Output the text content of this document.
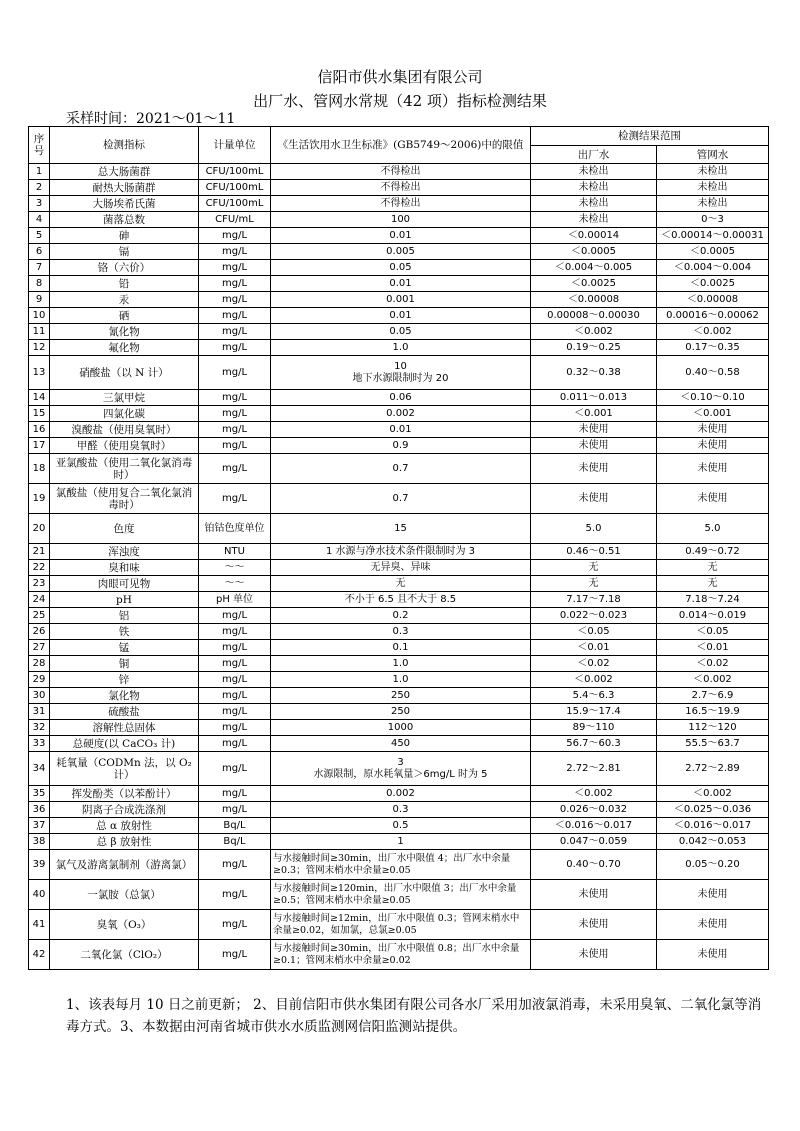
信阳市供水集团有限公司
出厂水、管网水常规（42 项）指标检测结果
采样时间：2021～01～11
序号	检测指标	计量单位	《生活饮用水卫生标准》(GB5749～2006)中的限值	检测结果范围	
				出厂水	管网水
1	总大肠菌群	CFU/100mL	不得检出	未检出	未检出
2	耐热大肠菌群	CFU/100mL	不得检出	未检出	未检出
3	大肠埃希氏菌	CFU/100mL	不得检出	未检出	未检出
4	菌落总数	CFU/mL	100	未检出	0～3
5	砷	mg/L	0.01	＜0.00014	＜0.00014～0.00031
6	镉	mg/L	0.005	＜0.0005	＜0.0005
7	铬（六价）	mg/L	0.05	＜0.004～0.005	＜0.004～0.004
8	铅	mg/L	0.01	＜0.0025	＜0.0025
9	汞	mg/L	0.001	＜0.00008	＜0.00008
10	硒	mg/L	0.01	0.00008～0.00030	0.00016～0.00062
11	氰化物	mg/L	0.05	＜0.002	＜0.002
12	氟化物	mg/L	1.0	0.19～0.25	0.17～0.35
13	硝酸盐（以 N 计）	mg/L	10
地下水源限制时为 20	0.32～0.38	0.40～0.58
14	三氯甲烷	mg/L	0.06	0.011～0.013	＜0.10～0.10
15	四氯化碳	mg/L	0.002	＜0.001	＜0.001
16	溴酸盐（使用臭氧时）	mg/L	0.01	未使用	未使用
17	甲醛（使用臭氧时）	mg/L	0.9	未使用	未使用
18	亚氯酸盐（使用二氧化氯消毒时）	mg/L	0.7	未使用	未使用
19	氯酸盐（使用复合二氧化氯消毒时）	mg/L	0.7	未使用	未使用
20	色度	铂钴色度单位	15	5.0	5.0
21	浑浊度	NTU	1 水源与净水技术条件限制时为 3	0.46～0.51	0.49～0.72
22	臭和味	～～	无异臭、异味	无	无
23	肉眼可见物	～～	无	无	无
24	pH	pH 单位	不小于 6.5 且不大于 8.5	7.17～7.18	7.18～7.24
25	铝	mg/L	0.2	0.022～0.023	0.014～0.019
26	铁	mg/L	0.3	＜0.05	＜0.05
27	锰	mg/L	0.1	＜0.01	＜0.01
28	铜	mg/L	1.0	＜0.02	＜0.02
29	锌	mg/L	1.0	＜0.002	＜0.002
30	氯化物	mg/L	250	5.4～6.3	2.7～6.9
31	硫酸盐	mg/L	250	15.9～17.4	16.5～19.9
32	溶解性总固体	mg/L	1000	89～110	112～120
33	总硬度(以 CaCO₃ 计)	mg/L	450	56.7～60.3	55.5～63.7
34	耗氧量（CODMn 法，以 O₂ 计）	mg/L	3
水源限制，原水耗氧量＞6mg/L 时为 5	2.72～2.81	2.72～2.89
35	挥发酚类（以苯酚计）	mg/L	0.002	＜0.002	＜0.002
36	阴离子合成洗涤剂	mg/L	0.3	0.026～0.032	＜0.025～0.036
37	总 α 放射性	Bq/L	0.5	＜0.016～0.017	＜0.016～0.017
38	总 β 放射性	Bq/L	1	0.047～0.059	0.042～0.053
39	氯气及游离氯制剂（游离氯）	mg/L	与水接触时间≥30min，出厂水中限值 4；出厂水中余量≥0.3；管网末梢水中余量≥0.05	0.40～0.70	0.05～0.20
40	一氯胺（总氯）	mg/L	与水接触时间≥120min，出厂水中限值 3；出厂水中余量≥0.5；管网末梢水中余量≥0.05	未使用	未使用
41	臭氧（O₃）	mg/L	与水接触时间≥12min，出厂水中限值 0.3；管网末梢水中余量≥0.02，如加氯，总氯≥0.05	未使用	未使用
42	二氧化氯（ClO₂）	mg/L	与水接触时间≥30min，出厂水中限值 0.8；出厂水中余量≥0.1；管网末梢水中余量≥0.02	未使用	未使用
1、该表每月 10 日之前更新； 2、目前信阳市供水集团有限公司各水厂采用加液氯消毒，未采用臭氧、二氧化氯等消毒方式。3、本数据由河南省城市供水水质监测网信阳监测站提供。
